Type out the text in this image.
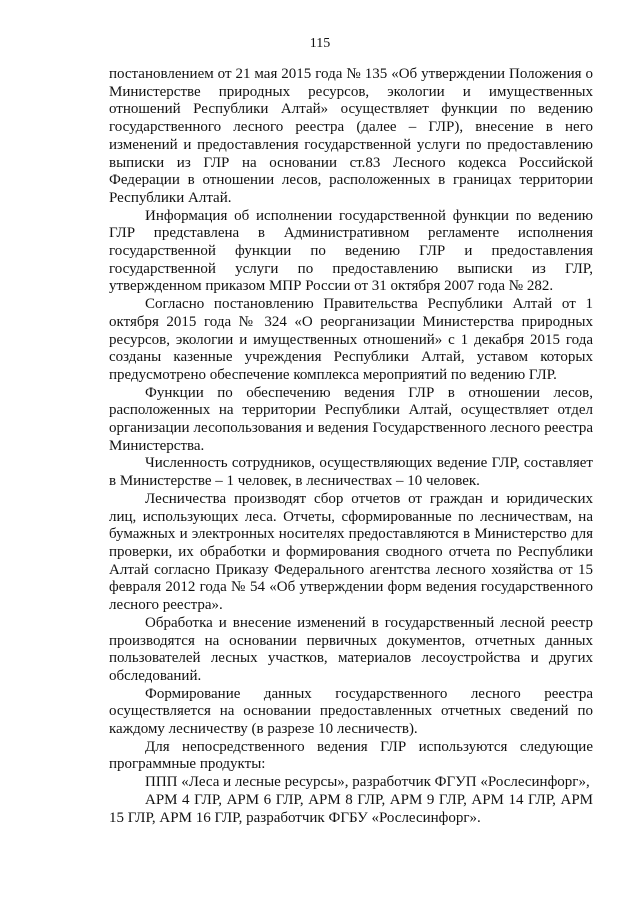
115

постановлением от 21 мая 2015 года № 135 «Об утверждении Положения о Министерстве природных ресурсов, экологии и имущественных отношений Республики Алтай» осуществляет функции по ведению государственного лесного реестра (далее – ГЛР), внесение в него изменений и предоставления государственной услуги по предоставлению выписки из ГЛР на основании ст.83 Лесного кодекса Российской Федерации в отношении лесов, расположенных в границах территории Республики Алтай.

Информация об исполнении государственной функции по ведению ГЛР представлена в Административном регламенте исполнения государственной функции по ведению ГЛР и предоставления государственной услуги по предоставлению выписки из ГЛР, утвержденном приказом МПР России от 31 октября 2007 года № 282.

Согласно постановлению Правительства Республики Алтай от 1 октября 2015 года № 324 «О реорганизации Министерства природных ресурсов, экологии и имущественных отношений» с 1 декабря 2015 года созданы казенные учреждения Республики Алтай, уставом которых предусмотрено обеспечение комплекса мероприятий по ведению ГЛР.

Функции по обеспечению ведения ГЛР в отношении лесов, расположенных на территории Республики Алтай, осуществляет отдел организации лесопользования и ведения Государственного лесного реестра Министерства.

Численность сотрудников, осуществляющих ведение ГЛР, составляет в Министерстве – 1 человек, в лесничествах – 10 человек.

Лесничества производят сбор отчетов от граждан и юридических лиц, использующих леса. Отчеты, сформированные по лесничествам, на бумажных и электронных носителях предоставляются в Министерство для проверки, их обработки и формирования сводного отчета по Республики Алтай согласно Приказу Федерального агентства лесного хозяйства от 15 февраля 2012 года № 54 «Об утверждении форм ведения государственного лесного реестра».

Обработка и внесение изменений в государственный лесной реестр производятся на основании первичных документов, отчетных данных пользователей лесных участков, материалов лесоустройства и других обследований.

Формирование данных государственного лесного реестра осуществляется на основании предоставленных отчетных сведений по каждому лесничеству (в разрезе 10 лесничеств).

Для непосредственного ведения ГЛР используются следующие программные продукты:

ППП «Леса и лесные ресурсы», разработчик ФГУП «Рослесинфорг»,

АРМ 4 ГЛР, АРМ 6 ГЛР, АРМ 8 ГЛР, АРМ 9 ГЛР, АРМ 14 ГЛР, АРМ 15 ГЛР, АРМ 16 ГЛР, разработчик ФГБУ «Рослесинфорг».
